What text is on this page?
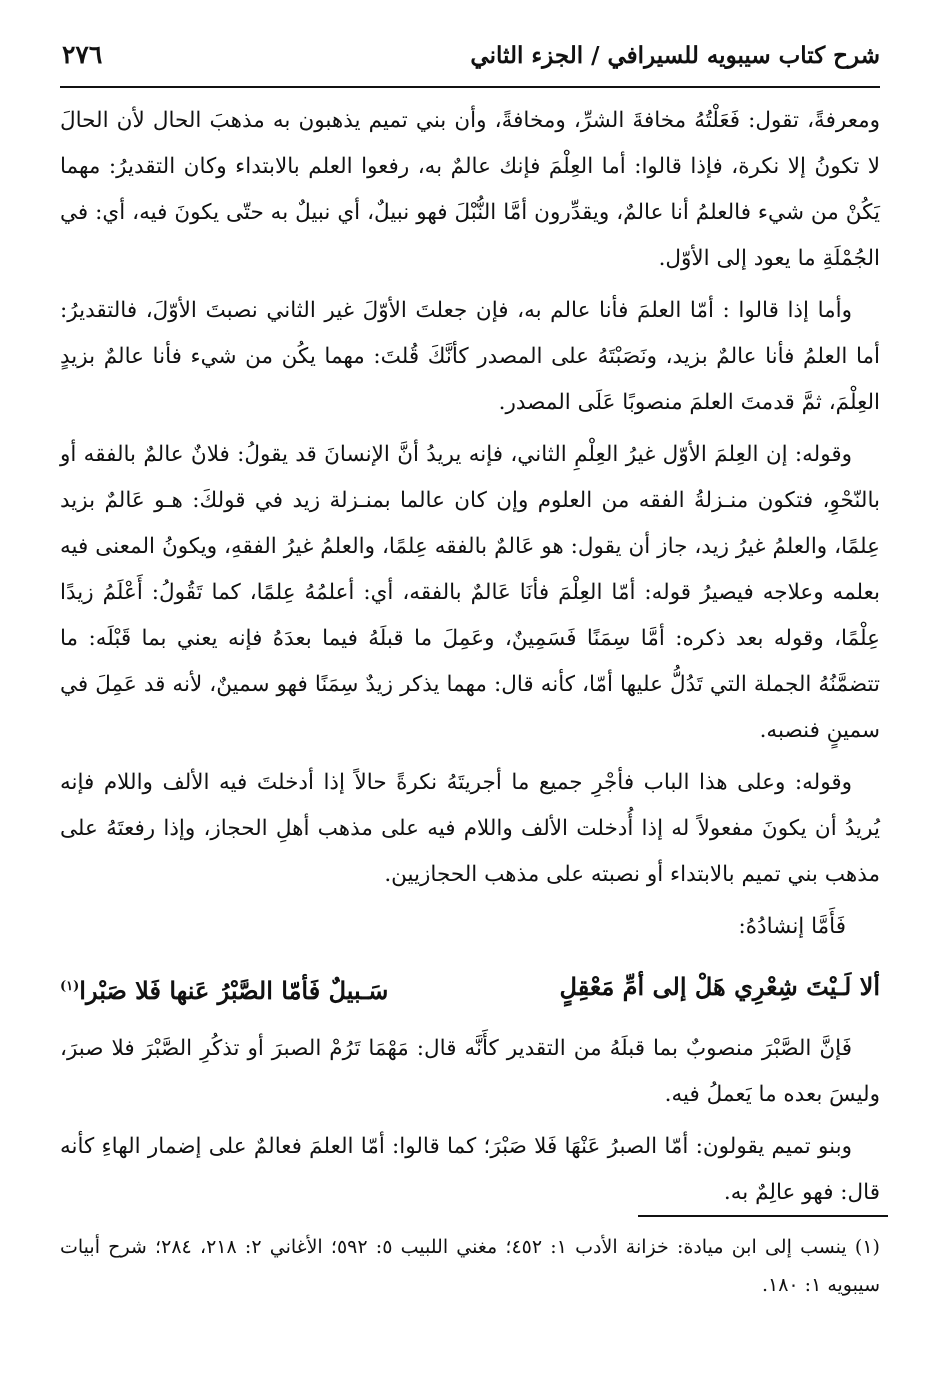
شرح كتاب سيبويه للسيرافي / الجزء الثاني
٢٧٦

ومعرفةً، تقول: فَعَلْتُهُ مخافةَ الشرِّ، ومخافةً، وأن بني تميم يذهبون به مذهبَ الحال لأن الحالَ لا تكونُ إلا نكرة، فإذا قالوا: أما العِلْمَ فإنك عالمٌ به، رفعوا العلم بالابتداء وكان التقديرُ: مهما يَكُنْ من شيء فالعلمُ أنا عالمٌ، ويقدِّرون أمَّا النُّبْلَ فهو نبيلٌ، أي نبيلٌ به حتّى يكونَ فيه، أي: في الجُمْلَةِ ما يعود إلى الأوّل.

وأما إذا قالوا : أمّا العلمَ فأنا عالم به، فإن جعلتَ الأوّلَ غير الثاني نصبتَ الأوّلَ، فالتقديرُ: أما العلمُ فأنا عالمٌ بزيد، ونَصَبْتَهُ على المصدر كأنَّكَ قُلتَ: مهما يكُن من شيء فأنا عالمٌ بزيدٍ العِلْمَ، ثمَّ قدمتَ العلمَ منصوبًا عَلَى المصدر.

وقوله: إن العِلمَ الأوّل غيرُ العِلْمِ الثاني، فإنه يريدُ أنَّ الإنسانَ قد يقولُ: فلانٌ عالمٌ بالفقه أو بالنّحْوِ، فتكون منـزلةُ الفقه من العلوم وإن كان عالما بمنـزلة زيد في قولكَ: هـو عَالمٌ بزيد عِلمًا، والعلمُ غيرُ زيد، جاز أن يقول: هو عَالمٌ بالفقه عِلمًا، والعلمُ غيرُ الفقهِ، ويكونُ المعنى فيه بعلمه وعلاجه فيصيرُ قوله: أمّا العِلْمَ فأنَا عَالمٌ بالفقه، أي: أعلمُهُ عِلمًا، كما تَقُولُ: أَعْلَمُ زيدًا عِلْمًا، وقوله بعد ذكره: أمَّا سِمَنًا فَسَمِينٌ، وعَمِلَ ما قبلَهُ فيما بعدَهُ فإنه يعني بما قَبْلَه: ما تتضمَّنُهُ الجملة التي تَدُلُّ عليها أمّا، كأنه قال: مهما يذكر زيدٌ سِمَنًا فهو سمينٌ، لأنه قد عَمِلَ في سمينٍ فنصبه.

وقوله: وعلى هذا الباب فأجْرِ جميع ما أجريتَهُ نكرةً حالاً إذا أدخلتَ فيه الألف واللام فإنه يُريدُ أن يكونَ مفعولاً له إذا أُدخلت الألف واللام فيه على مذهب أهلِ الحجاز، وإذا رفعتَهُ على مذهب بني تميم بالابتداء أو نصبته على مذهب الحجازيين.

فَأَمَّا إنشادُهُ:

ألا لَـيْتَ شِعْرِي هَلْ إلى أمِّ مَعْقِلٍ
سَـبيلٌ فَأمّا الصَّبْرُ عَنها فَلا صَبْرا$^{(١)}$

فَإنَّ الصَّبْرَ منصوبٌ بما قبلَهُ من التقدير كأَنَّه قال: مَهْمَا تَرُمْ الصبرَ أو تذكُرِ الصَّبْرَ فلا صبرَ، وليسَ بعده ما يَعملُ فيه.

وبنو تميم يقولون: أمّا الصبرُ عَنْهَا فَلا صَبْرَ؛ كما قالوا: أمّا العلمَ فعالمٌ على إضمار الهاءِ كأنه قال: فهو عالِمٌ به.

(١) ينسب إلى ابن ميادة: خزانة الأدب ١: ٤٥٢؛ مغني اللبيب ٥: ٥٩٢؛ الأغاني ٢: ٢١٨، ٢٨٤؛ شرح أبيات سيبويه ١: ١٨٠.
